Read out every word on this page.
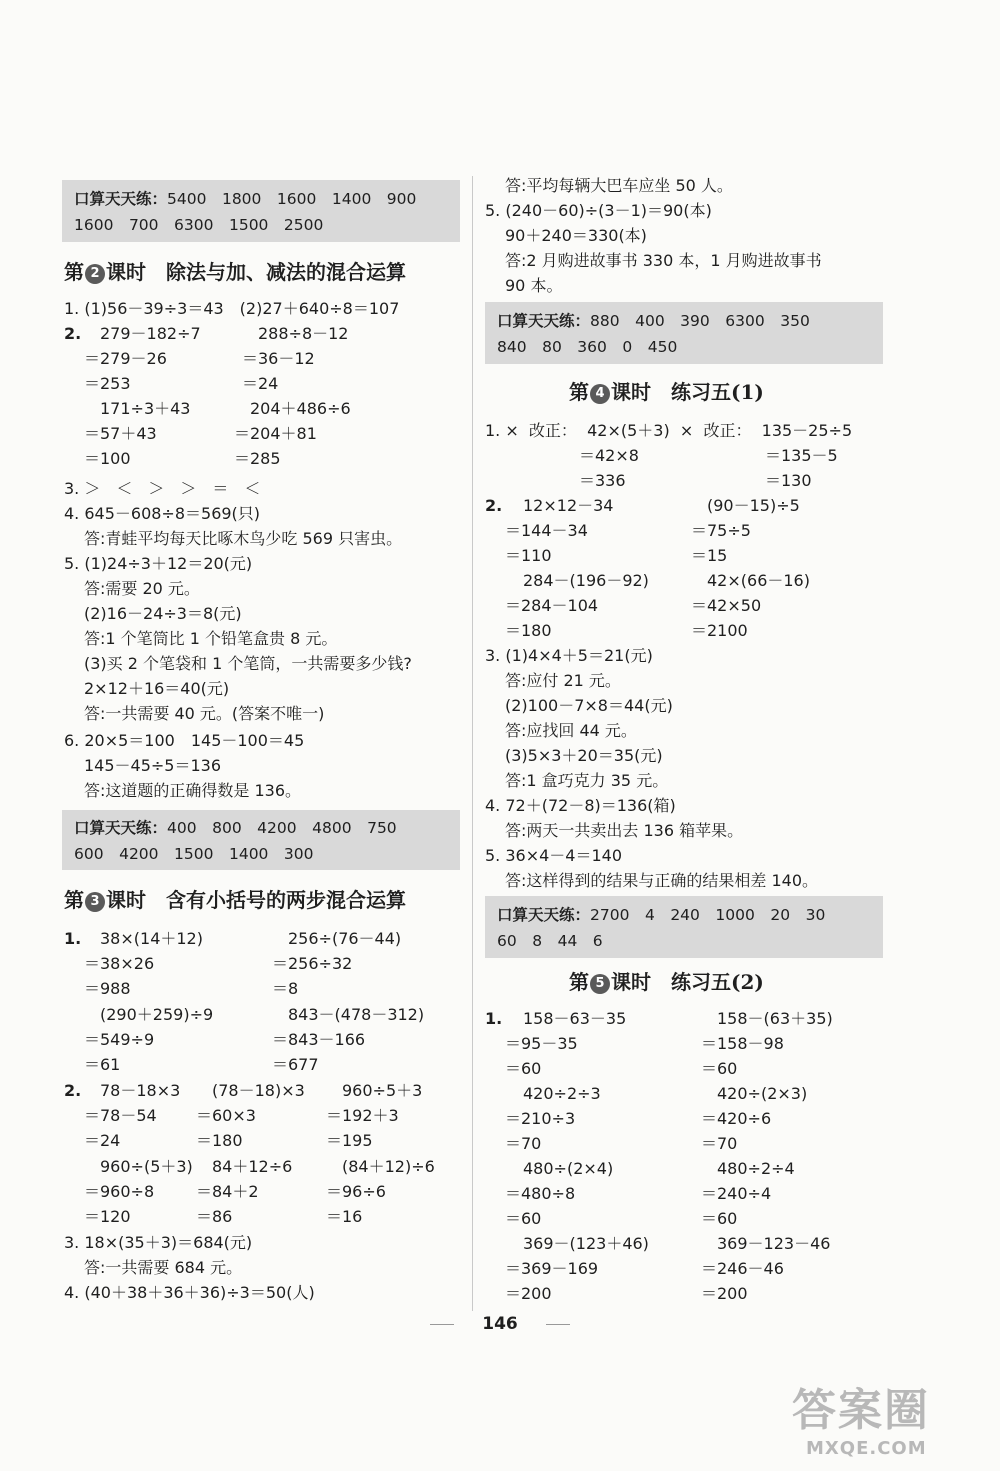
口算天天练：5400　1800　1600　1400　900
1600　700　6300　1500　2500
第 2 课时　除法与加、减法的混合运算
1. (1)56－39÷3＝43　(2)27＋640÷8＝107
2. 279－182÷7	288÷8－12
＝279－26	＝36－12
＝253	＝24
171÷3＋43	204＋486÷6
＝57＋43	＝204＋81
＝100	＝285
3. ＞　＜　＞　＞　＝　＜
4. 645－608÷8＝569(只)
答:青蛙平均每天比啄木鸟少吃 569 只害虫。
5. (1)24÷3＋12＝20(元)
答:需要 20 元。
(2)16－24÷3＝8(元)
答:1 个笔筒比 1 个铅笔盒贵 8 元。
(3)买 2 个笔袋和 1 个笔筒，一共需要多少钱?
2×12＋16＝40(元)
答:一共需要 40 元。(答案不唯一)
6. 20×5＝100　145－100＝45
145－45÷5＝136
答:这道题的正确得数是 136。
口算天天练：400　800　4200　4800　750
600　4200　1500　1400　300
第 3 课时　含有小括号的两步混合运算
1. 38×(14＋12)	256÷(76－44)
＝38×26	＝256÷32
＝988	＝8
(290＋259)÷9	843－(478－312)
＝549÷9	＝843－166
＝61	＝677
2. 78－18×3 (78－18)×3 960÷5＋3
＝78－54 ＝60×3	＝192＋3
＝24	＝180	＝195
960÷(5＋3) 84＋12÷6	(84＋12)÷6
＝960÷8	＝84＋2	＝96÷6
＝120	＝86	＝16
3. 18×(35＋3)＝684(元)
答:一共需要 684 元。
4. (40＋38＋36＋36)÷3＝50(人)
答:平均每辆大巴车应坐 50 人。
5. (240－60)÷(3－1)＝90(本)
90＋240＝330(本)
答:2 月购进故事书 330 本，1 月购进故事书
90 本。
口算天天练：880　400　390　6300　350
840　80　360　0　450
第 4 课时　练习五(1)
1. ×  改正：  42×(5＋3)  ×  改正：  135－25÷5
＝42×8	＝135－5
＝336	＝130
2. 12×12－34	(90－15)÷5
＝144－34	＝75÷5
＝110	＝15
284－(196－92)	42×(66－16)
＝284－104	＝42×50
＝180	＝2100
3. (1)4×4＋5＝21(元)
答:应付 21 元。
(2)100－7×8＝44(元)
答:应找回 44 元。
(3)5×3＋20＝35(元)
答:1 盒巧克力 35 元。
4. 72＋(72－8)＝136(箱)
答:两天一共卖出去 136 箱苹果。
5. 36×4－4＝140
答:这样得到的结果与正确的结果相差 140。
口算天天练：2700　4　240　1000　20　30
60　8　44　6
第 5 课时　练习五(2)
1. 158－63－35	158－(63＋35)
＝95－35	＝158－98
＝60	＝60
420÷2÷3	420÷(2×3)
＝210÷3	＝420÷6
＝70	＝70
480÷(2×4)	480÷2÷4
＝480÷8	＝240÷4
＝60	＝60
369－(123＋46)	369－123－46
＝369－169	＝246－46
＝200	＝200
146
答案圈
MXQE.COM
